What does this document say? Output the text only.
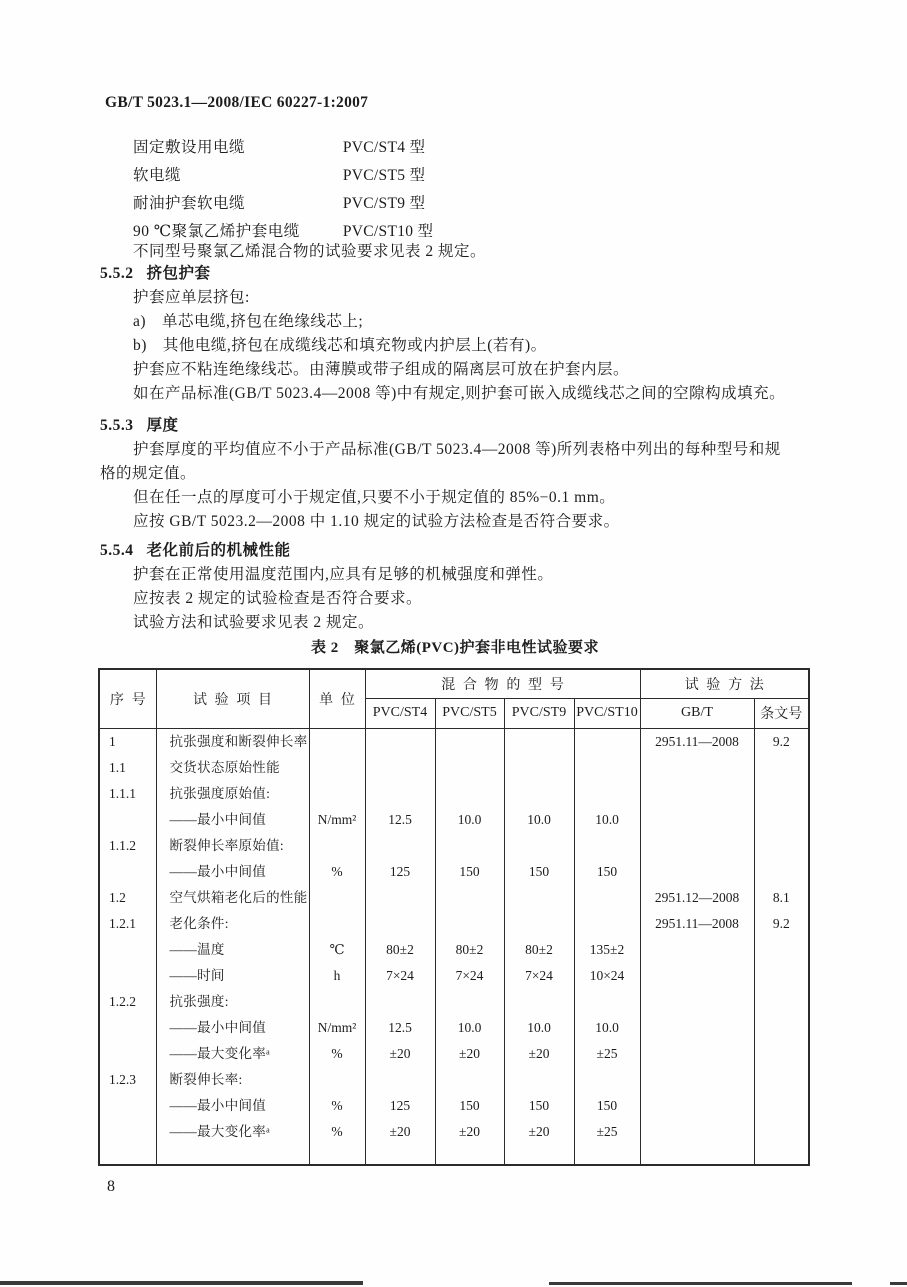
GB/T 5023.1—2008/IEC 60227-1:2007
固定敷设用电缆	PVC/ST4 型
软电缆	PVC/ST5 型
耐油护套软电缆	PVC/ST9 型
90 ℃聚氯乙烯护套电缆	PVC/ST10 型
不同型号聚氯乙烯混合物的试验要求见表 2 规定。
5.5.2 挤包护套
护套应单层挤包:
a)　单芯电缆,挤包在绝缘线芯上;
b)　其他电缆,挤包在成缆线芯和填充物或内护层上(若有)。
护套应不粘连绝缘线芯。由薄膜或带子组成的隔离层可放在护套内层。
如在产品标准(GB/T 5023.4—2008 等)中有规定,则护套可嵌入成缆线芯之间的空隙构成填充。
5.5.3 厚度
护套厚度的平均值应不小于产品标准(GB/T 5023.4—2008 等)所列表格中列出的每种型号和规
格的规定值。
但在任一点的厚度可小于规定值,只要不小于规定值的 85%−0.1 mm。
应按 GB/T 5023.2—2008 中 1.10 规定的试验方法检查是否符合要求。
5.5.4 老化前后的机械性能
护套在正常使用温度范围内,应具有足够的机械强度和弹性。
应按表 2 规定的试验检查是否符合要求。
试验方法和试验要求见表 2 规定。
表 2　聚氯乙烯(PVC)护套非电性试验要求
序号	试验项目	单位	混合物的型号				试验方法	
			PVC/ST4	PVC/ST5	PVC/ST9	PVC/ST10	GB/T	条文号
1	抗张强度和断裂伸长率						2951.11—2008	9.2
1.1	交货状态原始性能							
1.1.1	抗张强度原始值:							
	——最小中间值	N/mm²	12.5	10.0	10.0	10.0		
1.1.2	断裂伸长率原始值:							
	——最小中间值	%	125	150	150	150		
1.2	空气烘箱老化后的性能						2951.12—2008	8.1
1.2.1	老化条件:						2951.11—2008	9.2
	——温度	℃	80±2	80±2	80±2	135±2		
	——时间	h	7×24	7×24	7×24	10×24		
1.2.2	抗张强度:							
	——最小中间值	N/mm²	12.5	10.0	10.0	10.0		
	——最大变化率ᵃ	%	±20	±20	±20	±25		
1.2.3	断裂伸长率:							
	——最小中间值	%	125	150	150	150		
	——最大变化率ᵃ	%	±20	±20	±20	±25		

8
